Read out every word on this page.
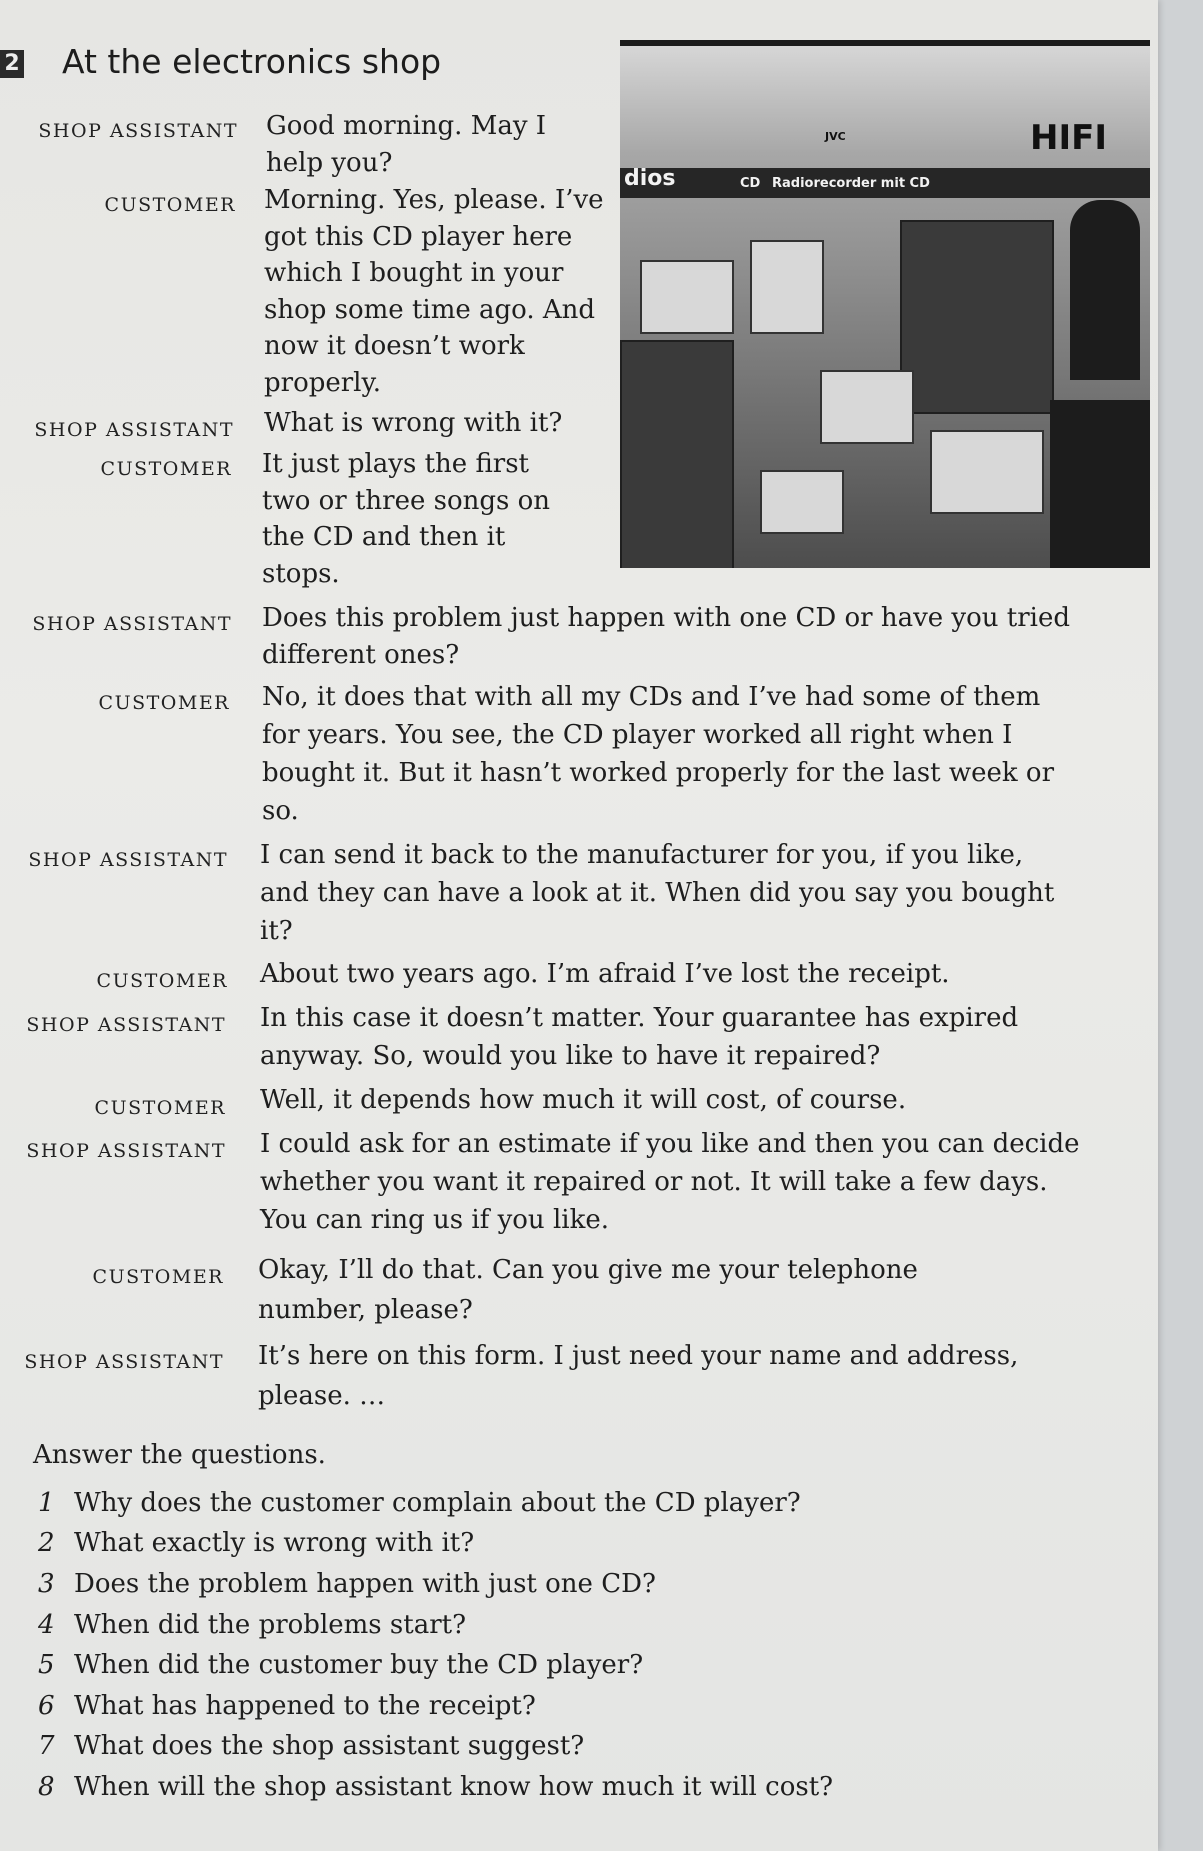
2 At the electronics shop
HIFI
JVC
dios	CD Radiorecorder mit CD
SHOP ASSISTANT Good morning. May I help you?
CUSTOMER Morning. Yes, please. I’ve got this CD player here which I bought in your shop some time ago. And now it doesn’t work properly.
SHOP ASSISTANT What is wrong with it?
CUSTOMER It just plays the first two or three songs on the CD and then it stops.
SHOP ASSISTANT Does this problem just happen with one CD or have you tried different ones?
CUSTOMER No, it does that with all my CDs and I’ve had some of them for years. You see, the CD player worked all right when I bought it. But it hasn’t worked properly for the last week or so.
SHOP ASSISTANT I can send it back to the manufacturer for you, if you like, and they can have a look at it. When did you say you bought it?
CUSTOMER About two years ago. I’m afraid I’ve lost the receipt.
SHOP ASSISTANT In this case it doesn’t matter. Your guarantee has expired anyway. So, would you like to have it repaired?
CUSTOMER Well, it depends how much it will cost, of course.
SHOP ASSISTANT I could ask for an estimate if you like and then you can decide whether you want it repaired or not. It will take a few days. You can ring us if you like.
CUSTOMER Okay, I’ll do that. Can you give me your telephone number, please?
SHOP ASSISTANT It’s here on this form. I just need your name and address, please. …
Answer the questions.
1 Why does the customer complain about the CD player?
2 What exactly is wrong with it?
3 Does the problem happen with just one CD?
4 When did the problems start?
5 When did the customer buy the CD player?
6 What has happened to the receipt?
7 What does the shop assistant suggest?
8 When will the shop assistant know how much it will cost?
